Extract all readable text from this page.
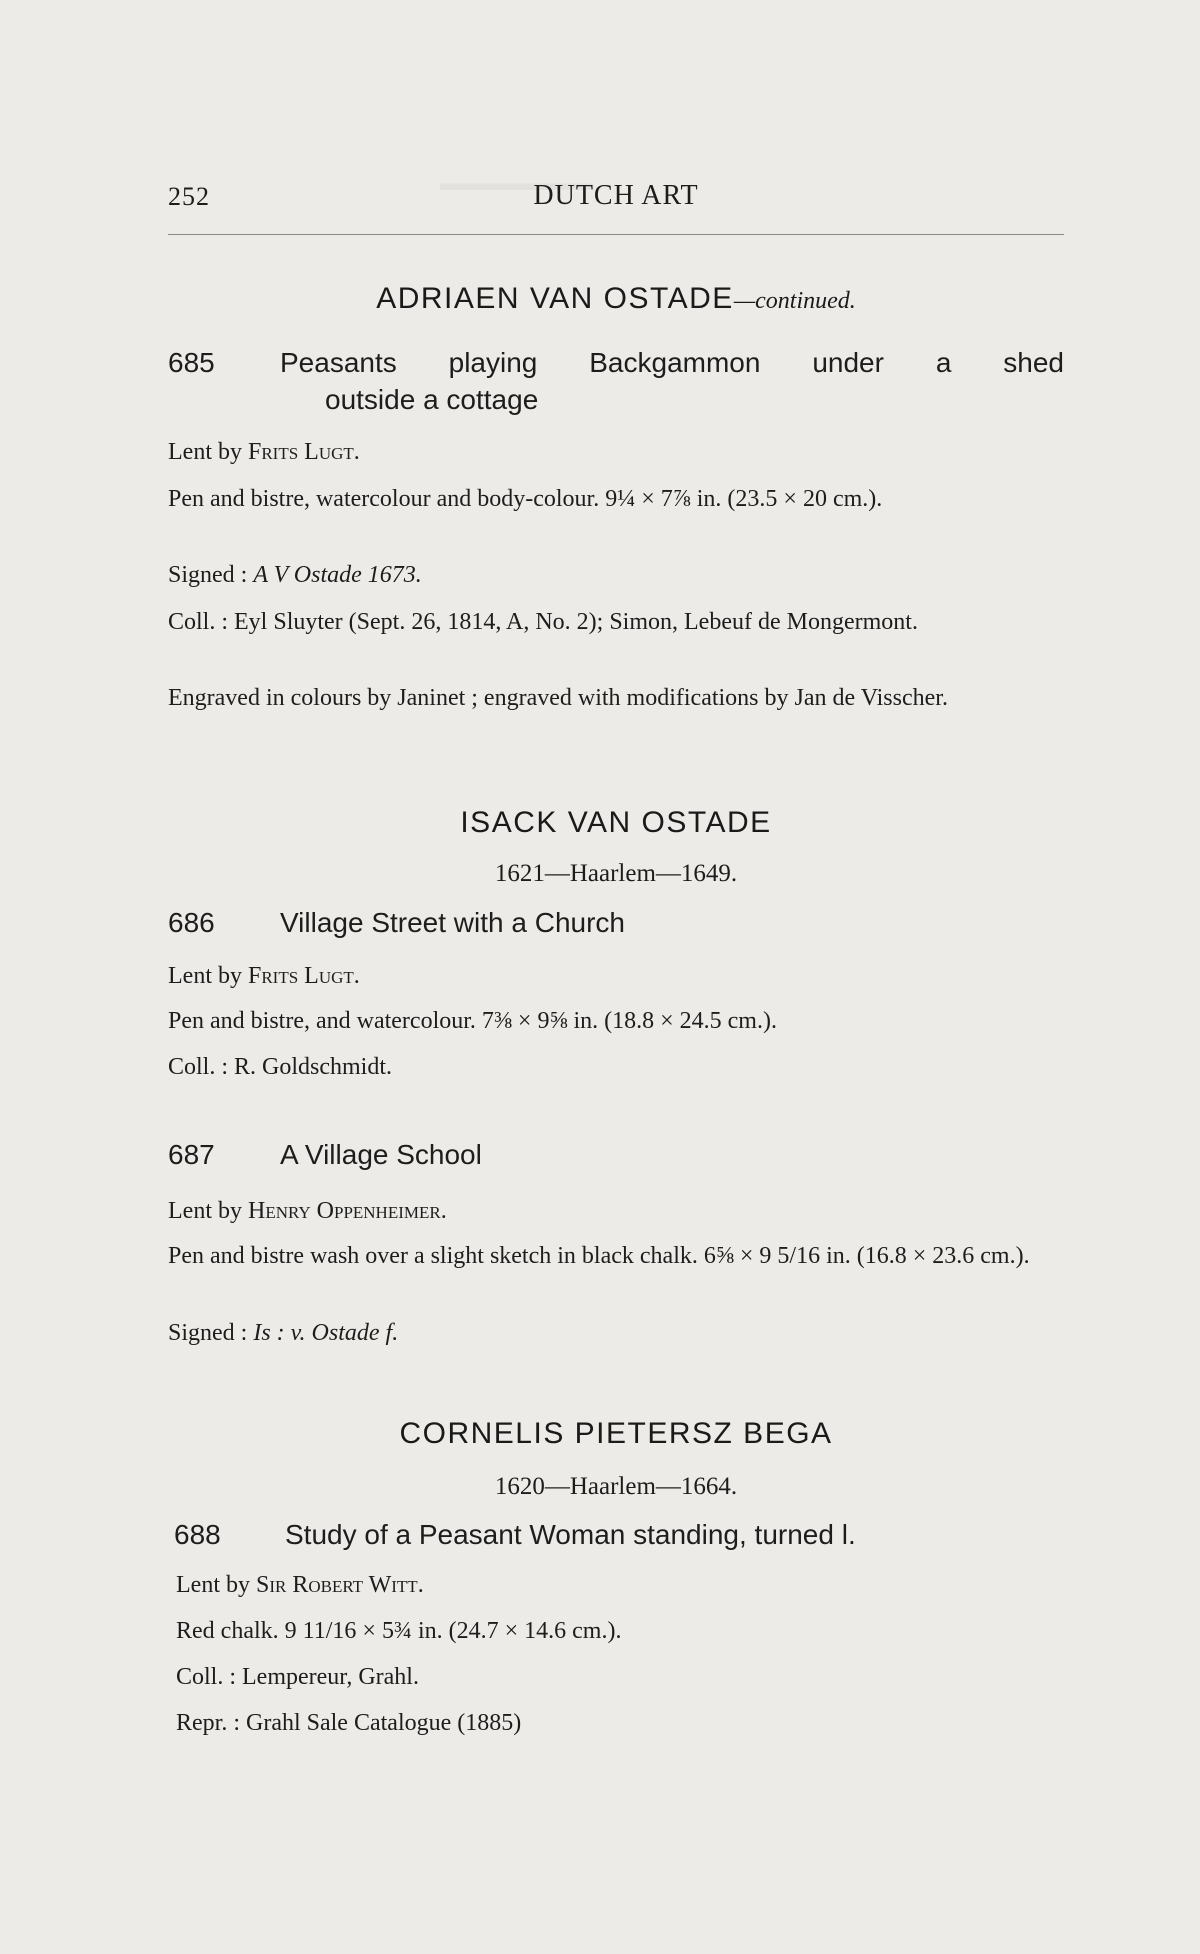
▬▬▬▬▬▬▬
252	DUTCH ART
ADRIAEN VAN OSTADE—continued.
685 Peasants playing Backgammon under a shed
outside a cottage
Lent by Frits Lugt.
Pen and bistre, watercolour and body-colour. 9¼ × 7⅞ in. (23.5 × 20 cm.).
Signed : A V Ostade 1673.
Coll. : Eyl Sluyter (Sept. 26, 1814, A, No. 2); Simon, Lebeuf de Mongermont.
Engraved in colours by Janinet ; engraved with modifications by Jan de Visscher.
ISACK VAN OSTADE
1621—Haarlem—1649.
686 Village Street with a Church
Lent by Frits Lugt.
Pen and bistre, and watercolour. 7⅜ × 9⅝ in. (18.8 × 24.5 cm.).
Coll. : R. Goldschmidt.
687 A Village School
Lent by Henry Oppenheimer.
Pen and bistre wash over a slight sketch in black chalk. 6⅝ × 9 5/16 in. (16.8 × 23.6 cm.).
Signed : Is : v. Ostade f.
CORNELIS PIETERSZ BEGA
1620—Haarlem—1664.
688 Study of a Peasant Woman standing, turned l.
Lent by Sir Robert Witt.
Red chalk. 9 11/16 × 5¾ in. (24.7 × 14.6 cm.).
Coll. : Lempereur, Grahl.
Repr. : Grahl Sale Catalogue (1885)
